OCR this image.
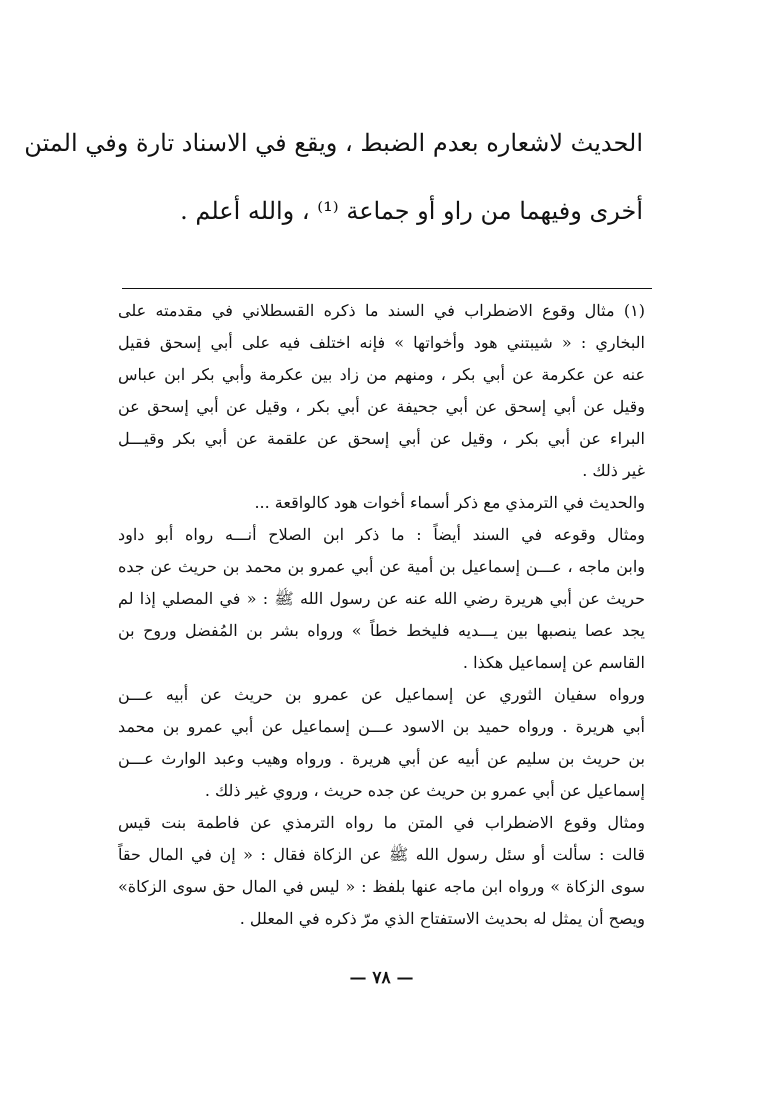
الحديث لاشعاره بعدم الضبط ، ويقع في الاسناد تارة وفي المتن
أخرى وفيهما من راو أو جماعة ⁽¹⁾ ، والله أعلم .
(١) مثال وقوع الاضطراب في السند ما ذكره القسطلاني في مقدمته على
البخاري : « شيبتني هود وأخواتها » فإنه اختلف فيه على أبي إسحق فقيل
عنه عن عكرمة عن أبي بكر ، ومنهم من زاد بين عكرمة وأبي بكر ابن عباس
وقيل عن أبي إسحق عن أبي جحيفة عن أبي بكر ، وقيل عن أبي إسحق عن
البراء عن أبي بكر ، وقيل عن أبي إسحق عن علقمة عن أبي بكر وقيـــل
غير ذلك .
والحديث في الترمذي مع ذكر أسماء أخوات هود كالواقعة ...
ومثال وقوعه في السند أيضاً : ما ذكر ابن الصلاح أنـــه رواه أبو داود
وابن ماجه ، عـــن إسماعيل بن أمية عن أبي عمرو بن محمد بن حريث عن جده
حريث عن أبي هريرة رضي الله عنه عن رسول الله ﷺ : « في المصلي إذا لم
يجد عصا ينصبها بين يـــديه فليخط خطاً » ورواه بشر بن المُفضل وروح بن
القاسم عن إسماعيل هكذا .
ورواه سفيان الثوري عن إسماعيل عن عمرو بن حريث عن أبيه عـــن
أبي هريرة . ورواه حميد بن الاسود عـــن إسماعيل عن أبي عمرو بن محمد
بن حريث بن سليم عن أبيه عن أبي هريرة . ورواه وهيب وعبد الوارث عـــن
إسماعيل عن أبي عمرو بن حريث عن جده حريث ، وروي غير ذلك .
ومثال وقوع الاضطراب في المتن ما رواه الترمذي عن فاطمة بنت قيس
قالت : سألت أو سئل رسول الله ﷺ عن الزكاة فقال : « إن في المال حقاً
سوى الزكاة » ورواه ابن ماجه عنها بلفظ : « ليس في المال حق سوى الزكاة»
ويصح أن يمثل له بحديث الاستفتاح الذي مرّ ذكره في المعلل .
— ٧٨ —
